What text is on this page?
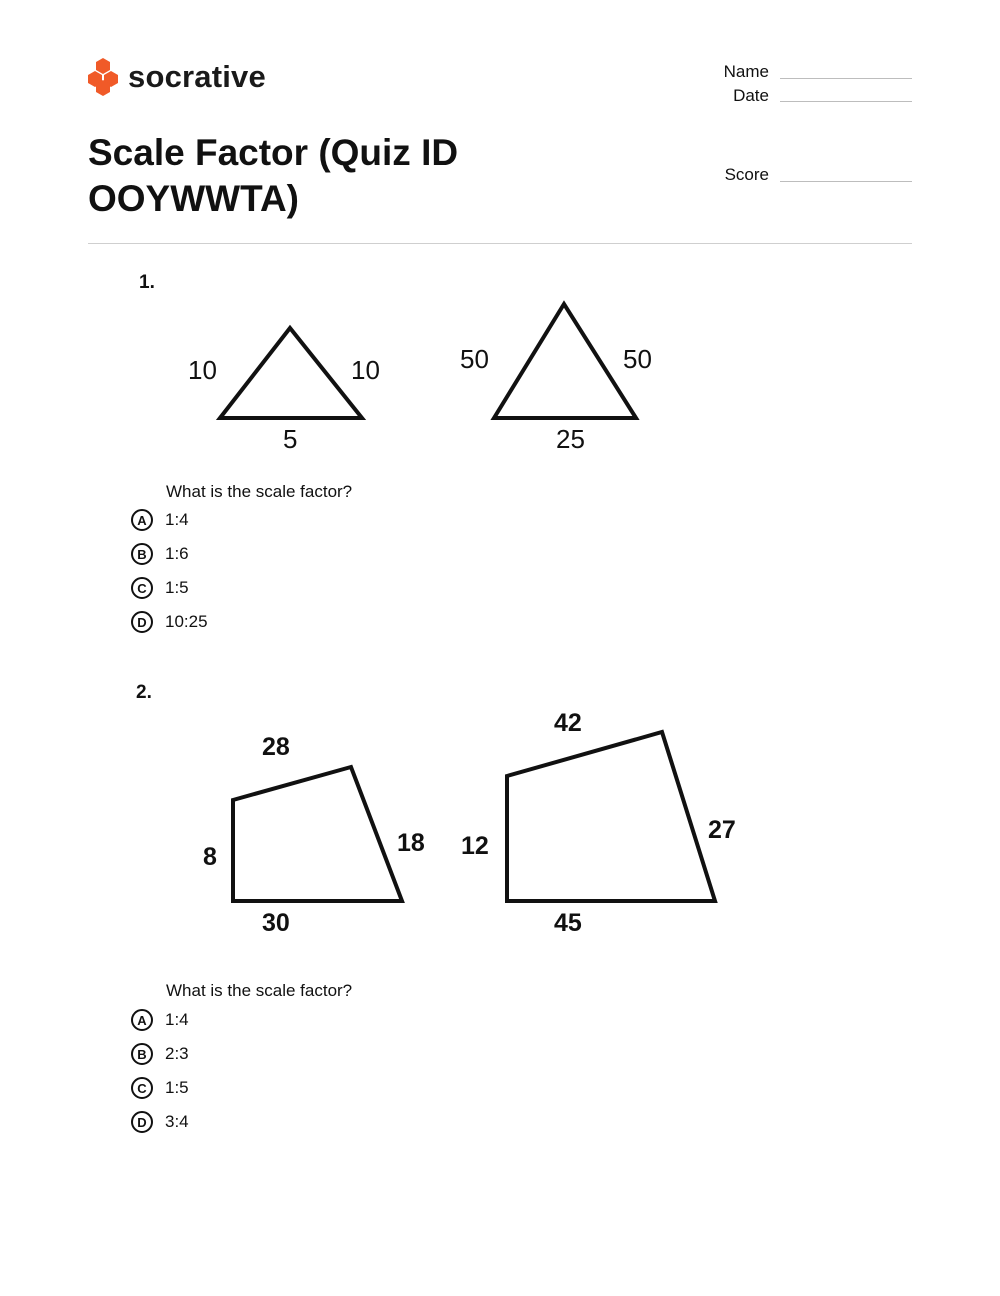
socrative
Scale Factor (Quiz ID OOYWWTA)
Name
Date
Score
1.
10	10
5
50	50
25
What is the scale factor?
A	1:4
B	1:6
C	1:5
D	10:25
2.
28
8	18
30
42
12
27
45
What is the scale factor?
A	1:4
B	2:3
C	1:5
D	3:4
